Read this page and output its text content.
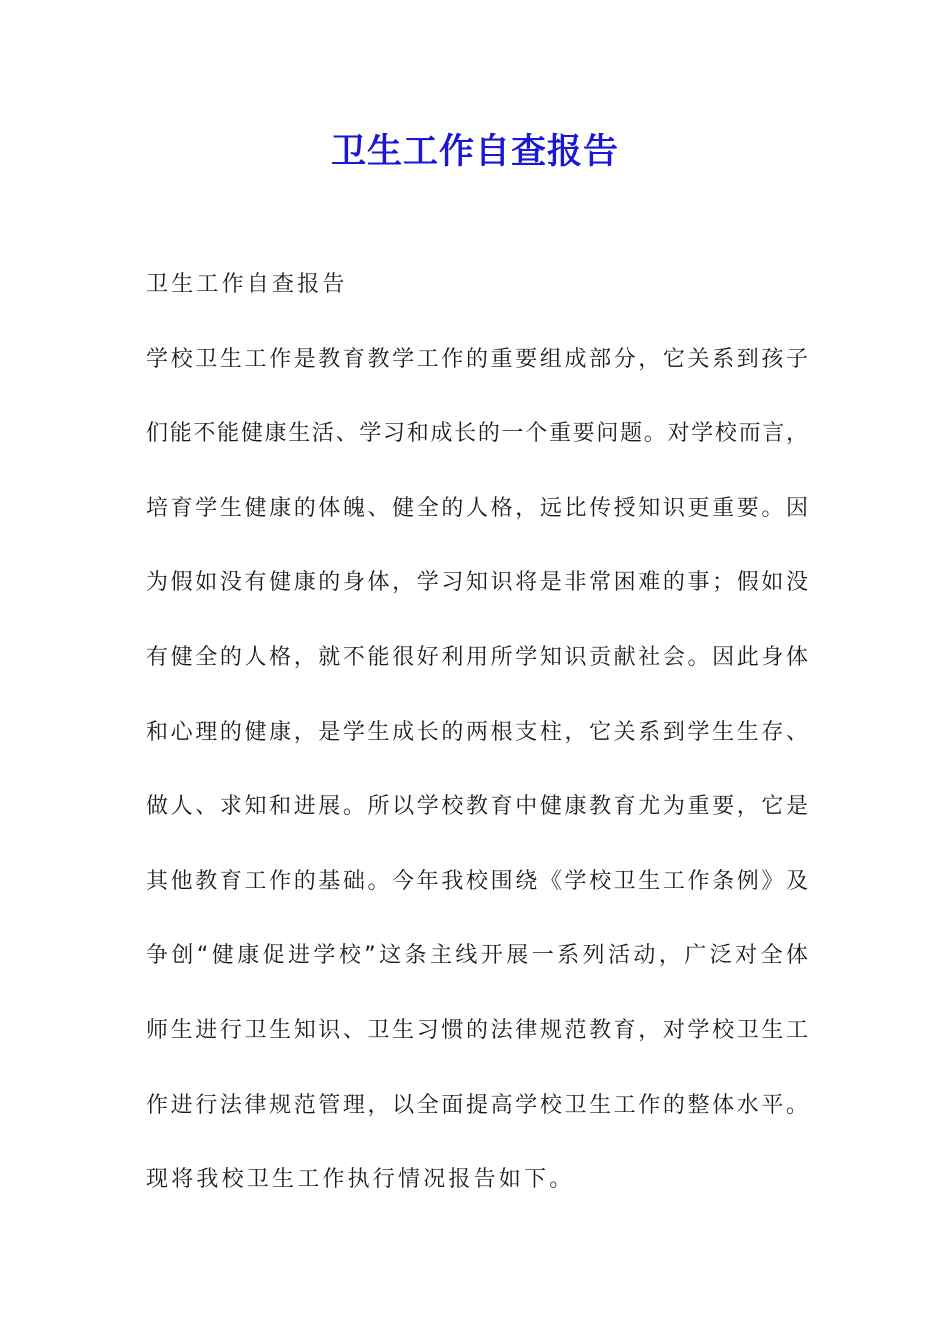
卫生工作自查报告
卫生工作自查报告
学校卫生工作是教育教学工作的重要组成部分，它关系到孩子
们能不能健康生活、学习和成长的一个重要问题。对学校而言，
培育学生健康的体魄、健全的人格，远比传授知识更重要。因
为假如没有健康的身体，学习知识将是非常困难的事；假如没
有健全的人格，就不能很好利用所学知识贡献社会。因此身体
和心理的健康，是学生成长的两根支柱，它关系到学生生存、
做人、求知和进展。所以学校教育中健康教育尤为重要，它是
其他教育工作的基础。今年我校围绕《学校卫生工作条例》及
争创“健康促进学校”这条主线开展一系列活动，广泛对全体
师生进行卫生知识、卫生习惯的法律规范教育，对学校卫生工
作进行法律规范管理，以全面提高学校卫生工作的整体水平。
现将我校卫生工作执行情况报告如下。
